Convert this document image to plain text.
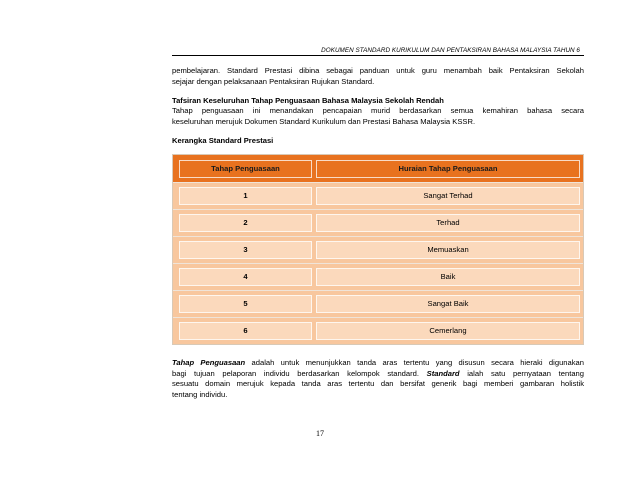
DOKUMEN STANDARD KURIKULUM DAN PENTAKSIRAN BAHASA MALAYSIA TAHUN 6
pembelajaran. Standard Prestasi dibina sebagai panduan untuk guru menambah baik Pentaksiran Sekolah
sejajar dengan pelaksanaan Pentaksiran Rujukan Standard.
Tafsiran Keseluruhan Tahap Penguasaan Bahasa Malaysia Sekolah Rendah
Tahap penguasaan ini menandakan pencapaian murid berdasarkan semua kemahiran bahasa secara
keseluruhan merujuk Dokumen Standard Kurikulum dan Prestasi Bahasa Malaysia KSSR.
Kerangka Standard Prestasi
Tahap Penguasaan	Huraian Tahap Penguasaan
1	Sangat Terhad
2	Terhad
3	Memuaskan
4	Baik
5	Sangat Baik
6	Cemerlang
Tahap Penguasaan adalah untuk menunjukkan tanda aras tertentu yang disusun secara hieraki digunakan
bagi tujuan pelaporan individu berdasarkan kelompok standard. Standard ialah satu pernyataan tentang
sesuatu domain merujuk kepada tanda aras tertentu dan bersifat generik bagi memberi gambaran holistik
tentang individu.
17
